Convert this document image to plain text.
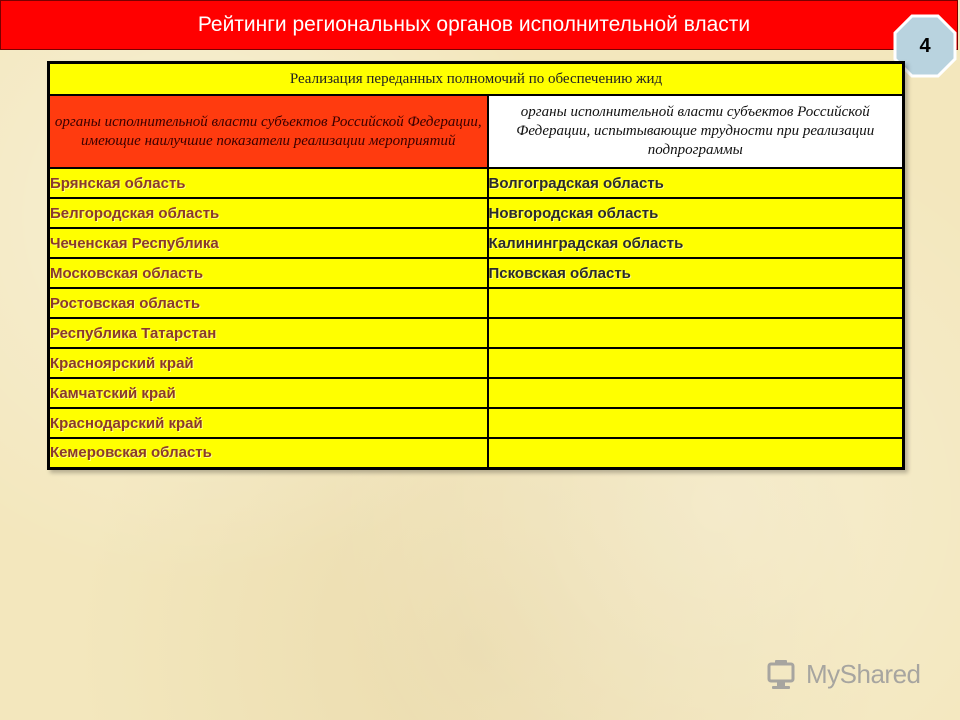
Рейтинги региональных органов исполнительной власти
4
Реализация переданных полномочий по обеспечению жид	
органы исполнительной власти субъектов Российской Федерации, имеющие наилучшие показатели реализации мероприятий	органы исполнительной власти субъектов Российской Федерации, испытывающие трудности при реализации подпрограммы
Брянская область	Волгоградская область
Белгородская область	Новгородская область
Чеченская Республика	Калининградская область
Московская область	Псковская область
Ростовская область	
Республика Татарстан	
Красноярский край	
Камчатский край	
Краснодарский край	
Кемеровская область	
MyShared
